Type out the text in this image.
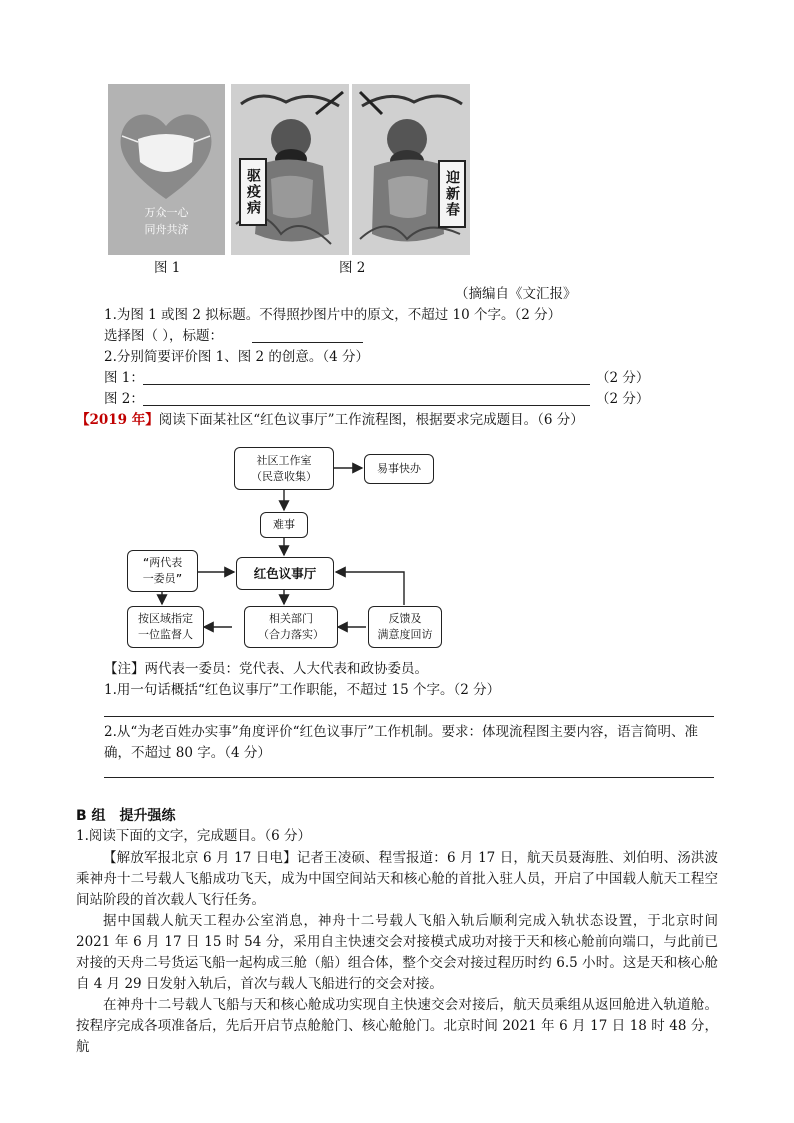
万众一心
同舟共济
驱疫病	迎新春
图 1	图 2
（摘编自《文汇报》
1.为图 1 或图 2 拟标题。不得照抄图片中的原文，不超过 10 个字。（2 分）
选择图（ ），标题：
2.分别简要评价图 1、图 2 的创意。（4 分）
图 1：	（2 分）
图 2：	（2 分）
【2019 年】阅读下面某社区“红色议事厅”工作流程图，根据要求完成题目。（6 分）
社区工作室
（民意收集）
易事快办
难事
“两代表
一委员”	红色议事厅
按区域指定
一位监督人
相关部门
（合力落实）
反馈及
满意度回访
【注】两代表一委员：党代表、人大代表和政协委员。
1.用一句话概括“红色议事厅”工作职能，不超过 15 个字。（2 分）
2.从“为老百姓办实事”角度评价“红色议事厅”工作机制。要求：体现流程图主要内容，语言简明、准
确，不超过 80 字。（4 分）
B 组　提升强练
1.阅读下面的文字，完成题目。（6 分）
【解放军报北京 6 月 17 日电】记者王凌硕、程雪报道：6 月 17 日，航天员聂海胜、刘伯明、汤洪波乘神舟十二号载人飞船成功飞天，成为中国空间站天和核心舱的首批入驻人员，开启了中国载人航天工程空间站阶段的首次载人飞行任务。
据中国载人航天工程办公室消息，神舟十二号载人飞船入轨后顺利完成入轨状态设置，于北京时间 2021 年 6 月 17 日 15 时 54 分，采用自主快速交会对接模式成功对接于天和核心舱前向端口，与此前已对接的天舟二号货运飞船一起构成三舱（船）组合体，整个交会对接过程历时约 6.5 小时。这是天和核心舱自 4 月 29 日发射入轨后，首次与载人飞船进行的交会对接。
在神舟十二号载人飞船与天和核心舱成功实现自主快速交会对接后，航天员乘组从返回舱进入轨道舱。按程序完成各项准备后，先后开启节点舱舱门、核心舱舱门。北京时间 2021 年 6 月 17 日 18 时 48 分，航
